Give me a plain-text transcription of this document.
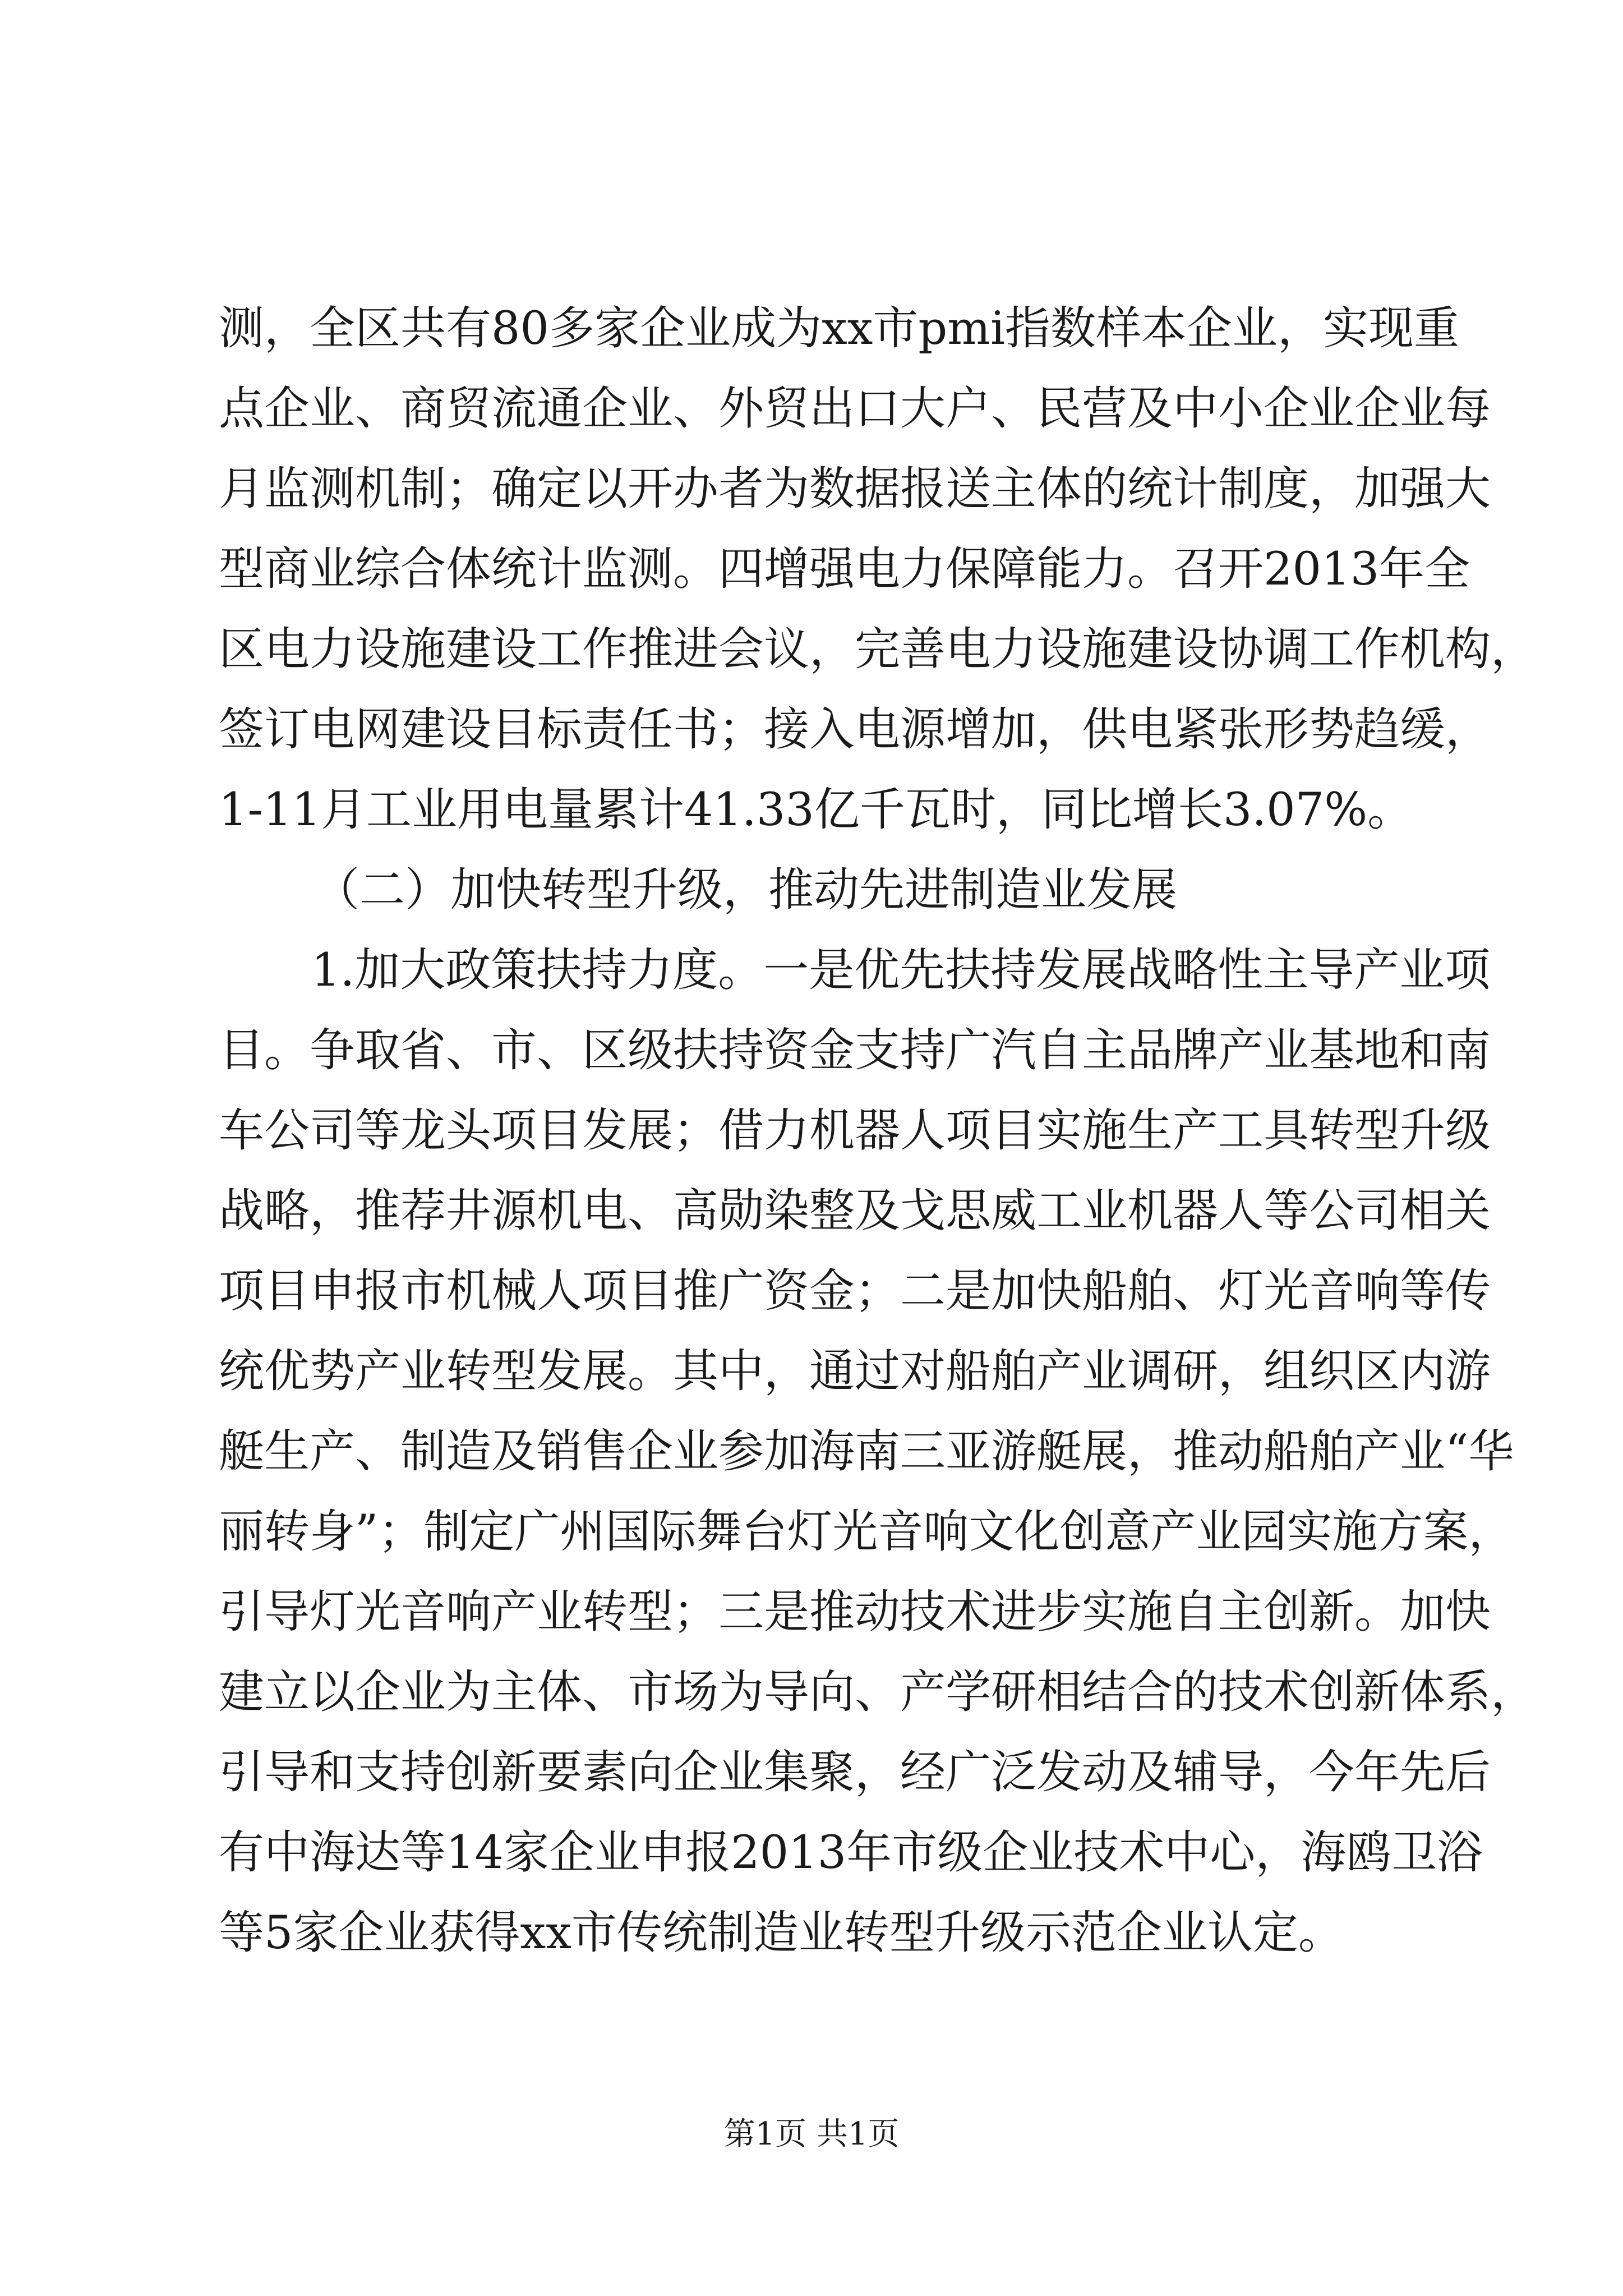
测，全区共有80多家企业成为xx市pmi指数样本企业，实现重
点企业、商贸流通企业、外贸出口大户、民营及中小企业企业每
月监测机制；确定以开办者为数据报送主体的统计制度，加强大
型商业综合体统计监测。四增强电力保障能力。召开2013年全
区电力设施建设工作推进会议，完善电力设施建设协调工作机构，
签订电网建设目标责任书；接入电源增加，供电紧张形势趋缓，
1-11月工业用电量累计41.33亿千瓦时，同比增长3.07%。
（二）加快转型升级，推动先进制造业发展
1.加大政策扶持力度。一是优先扶持发展战略性主导产业项
目。争取省、市、区级扶持资金支持广汽自主品牌产业基地和南
车公司等龙头项目发展；借力机器人项目实施生产工具转型升级
战略，推荐井源机电、高勋染整及戈思威工业机器人等公司相关
项目申报市机械人项目推广资金；二是加快船舶、灯光音响等传
统优势产业转型发展。其中，通过对船舶产业调研，组织区内游
艇生产、制造及销售企业参加海南三亚游艇展，推动船舶产业“华
丽转身”；制定广州国际舞台灯光音响文化创意产业园实施方案，
引导灯光音响产业转型；三是推动技术进步实施自主创新。加快
建立以企业为主体、市场为导向、产学研相结合的技术创新体系，
引导和支持创新要素向企业集聚，经广泛发动及辅导，今年先后
有中海达等14家企业申报2013年市级企业技术中心，海鸥卫浴
等5家企业获得xx市传统制造业转型升级示范企业认定。
第1页 共1页
